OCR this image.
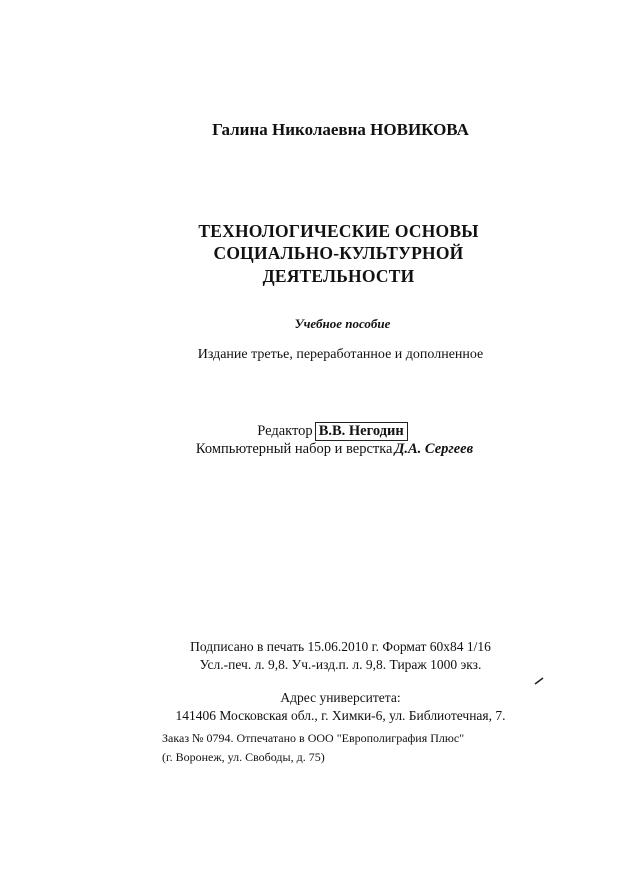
Галина Николаевна НОВИКОВА
ТЕХНОЛОГИЧЕСКИЕ ОСНОВЫ
СОЦИАЛЬНО-КУЛЬТУРНОЙ
ДЕЯТЕЛЬНОСТИ
Учебное пособие
Издание третье, переработанное и дополненное
Редактор В.В. Негодин
Компьютерный набор и верстка Д.А. Сергеев
Подписано в печать 15.06.2010 г. Формат 60x84 1/16
Усл.-печ. л. 9,8. Уч.-изд.п. л. 9,8. Тираж 1000 экз.
Адрес университета:
141406 Московская обл., г. Химки-6, ул. Библиотечная, 7.
Заказ № 0794. Отпечатано в ООО "Европолиграфия Плюс"
(г. Воронеж, ул. Свободы, д. 75)
